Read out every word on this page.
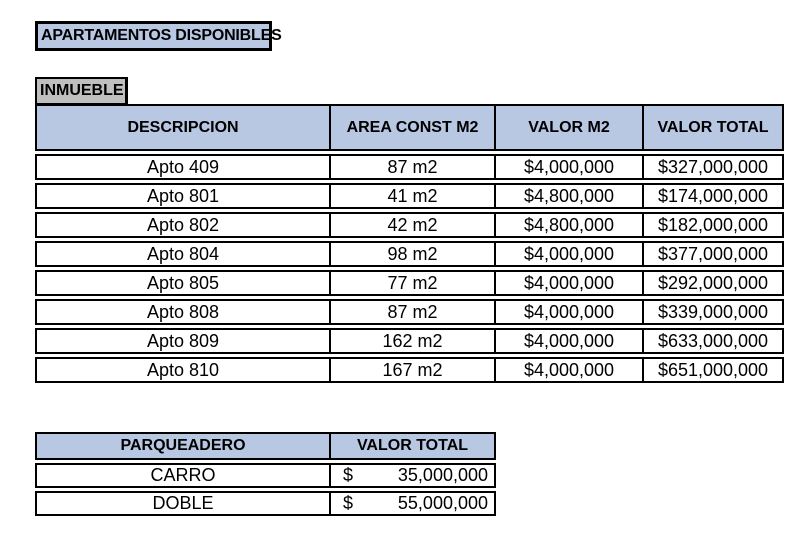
APARTAMENTOS DISPONIBLES
INMUEBLE
DESCRIPCION	AREA CONST M2	VALOR M2	VALOR TOTAL
Apto 409	87 m2	$4,000,000	$327,000,000
Apto 801	41 m2	$4,800,000	$174,000,000
Apto 802	42 m2	$4,800,000	$182,000,000
Apto 804	98 m2	$4,000,000	$377,000,000
Apto 805	77 m2	$4,000,000	$292,000,000
Apto 808	87 m2	$4,000,000	$339,000,000
Apto 809	162 m2	$4,000,000	$633,000,000
Apto 810	167 m2	$4,000,000	$651,000,000
PARQUEADERO	VALOR TOTAL
CARRO	$ 35,000,000
DOBLE	$ 55,000,000
